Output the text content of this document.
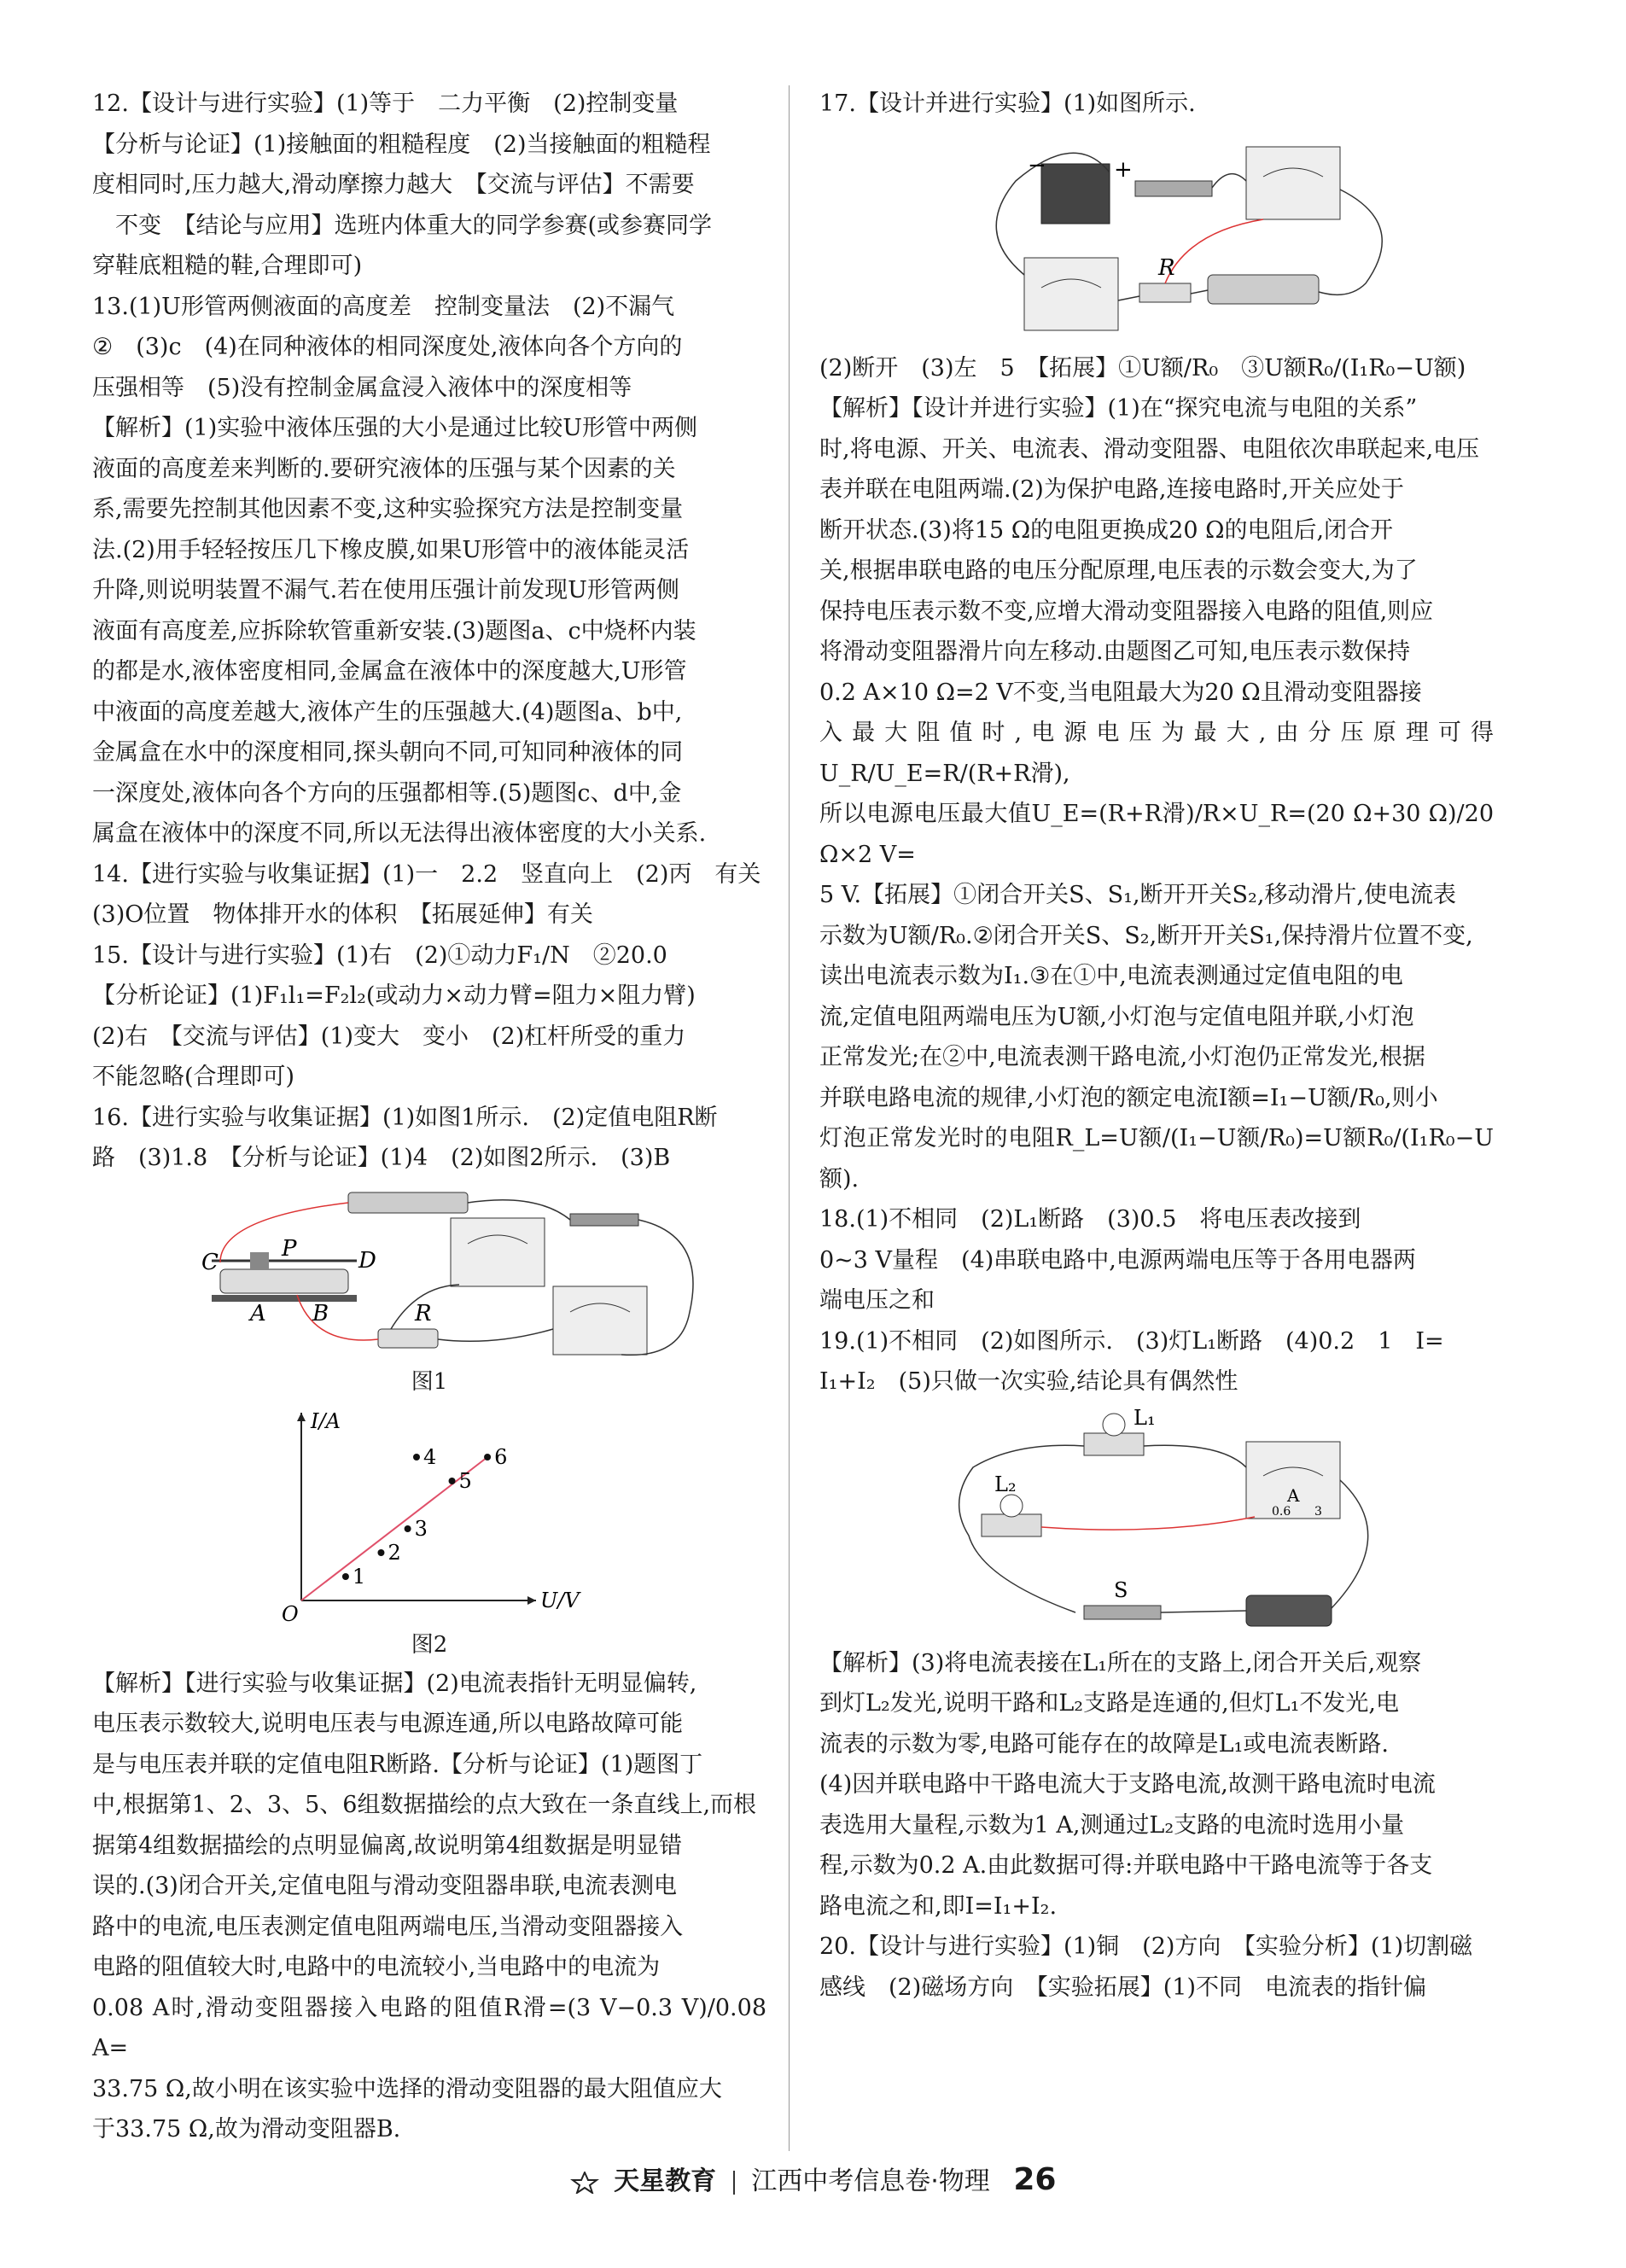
12.【设计与进行实验】(1)等于　二力平衡　(2)控制变量

【分析与论证】(1)接触面的粗糙程度　(2)当接触面的粗糙程

度相同时,压力越大,滑动摩擦力越大　【交流与评估】不需要

　不变　【结论与应用】选班内体重大的同学参赛(或参赛同学

穿鞋底粗糙的鞋,合理即可)

13.(1)U形管两侧液面的高度差　控制变量法　(2)不漏气

②　(3)c　(4)在同种液体的相同深度处,液体向各个方向的

压强相等　(5)没有控制金属盒浸入液体中的深度相等

【解析】(1)实验中液体压强的大小是通过比较U形管中两侧

液面的高度差来判断的.要研究液体的压强与某个因素的关

系,需要先控制其他因素不变,这种实验探究方法是控制变量

法.(2)用手轻轻按压几下橡皮膜,如果U形管中的液体能灵活

升降,则说明装置不漏气.若在使用压强计前发现U形管两侧

液面有高度差,应拆除软管重新安装.(3)题图a、c中烧杯内装

的都是水,液体密度相同,金属盒在液体中的深度越大,U形管

中液面的高度差越大,液体产生的压强越大.(4)题图a、b中,

金属盒在水中的深度相同,探头朝向不同,可知同种液体的同

一深度处,液体向各个方向的压强都相等.(5)题图c、d中,金

属盒在液体中的深度不同,所以无法得出液体密度的大小关系.

14.【进行实验与收集证据】(1)一　2.2　竖直向上　(2)丙　有关

(3)O位置　物体排开水的体积　【拓展延伸】有关

15.【设计与进行实验】(1)右　(2)①动力F₁/N　②20.0

【分析论证】(1)F₁l₁=F₂l₂(或动力×动力臂=阻力×阻力臂)

(2)右　【交流与评估】(1)变大　变小　(2)杠杆所受的重力

不能忽略(合理即可)

16.【进行实验与收集证据】(1)如图1所示.　(2)定值电阻R断

路　(3)1.8　【分析与论证】(1)4　(2)如图2所示.　(3)B

C
P	D
A B	R
图1
I/A
U/V
O
1
2
3
4
5
6
图2

【解析】【进行实验与收集证据】(2)电流表指针无明显偏转,

电压表示数较大,说明电压表与电源连通,所以电路故障可能

是与电压表并联的定值电阻R断路.【分析与论证】(1)题图丁

中,根据第1、2、3、5、6组数据描绘的点大致在一条直线上,而根

据第4组数据描绘的点明显偏离,故说明第4组数据是明显错

误的.(3)闭合开关,定值电阻与滑动变阻器串联,电流表测电

路中的电流,电压表测定值电阻两端电压,当滑动变阻器接入

电路的阻值较大时,电路中的电流较小,当电路中的电流为

0.08 A时,滑动变阻器接入电路的阻值R滑=(3 V−0.3 V)/0.08 A=

33.75 Ω,故小明在该实验中选择的滑动变阻器的最大阻值应大

于33.75 Ω,故为滑动变阻器B.

17.【设计并进行实验】(1)如图所示.

−	+
R

(2)断开　(3)左　5　【拓展】①U额/R₀　③U额R₀/(I₁R₀−U额)

【解析】【设计并进行实验】(1)在“探究电流与电阻的关系”

时,将电源、开关、电流表、滑动变阻器、电阻依次串联起来,电压

表并联在电阻两端.(2)为保护电路,连接电路时,开关应处于

断开状态.(3)将15 Ω的电阻更换成20 Ω的电阻后,闭合开

关,根据串联电路的电压分配原理,电压表的示数会变大,为了

保持电压表示数不变,应增大滑动变阻器接入电路的阻值,则应

将滑动变阻器滑片向左移动.由题图乙可知,电压表示数保持

0.2 A×10 Ω=2 V不变,当电阻最大为20 Ω且滑动变阻器接

入最大阻值时,电源电压为最大,由分压原理可得U_R/U_E=R/(R+R滑),

所以电源电压最大值U_E=(R+R滑)/R×U_R=(20 Ω+30 Ω)/20 Ω×2 V=

5 V.【拓展】①闭合开关S、S₁,断开开关S₂,移动滑片,使电流表

示数为U额/R₀.②闭合开关S、S₂,断开开关S₁,保持滑片位置不变,

读出电流表示数为I₁.③在①中,电流表测通过定值电阻的电

流,定值电阻两端电压为U额,小灯泡与定值电阻并联,小灯泡

正常发光;在②中,电流表测干路电流,小灯泡仍正常发光,根据

并联电路电流的规律,小灯泡的额定电流I额=I₁−U额/R₀,则小

灯泡正常发光时的电阻R_L=U额/(I₁−U额/R₀)=U额R₀/(I₁R₀−U额).

18.(1)不相同　(2)L₁断路　(3)0.5　将电压表改接到

0~3 V量程　(4)串联电路中,电源两端电压等于各用电器两

端电压之和

19.(1)不相同　(2)如图所示.　(3)灯L₁断路　(4)0.2　1　I=

I₁+I₂　(5)只做一次实验,结论具有偶然性

L₁
L₂
S
A
0.6 3

【解析】(3)将电流表接在L₁所在的支路上,闭合开关后,观察

到灯L₂发光,说明干路和L₂支路是连通的,但灯L₁不发光,电

流表的示数为零,电路可能存在的故障是L₁或电流表断路.

(4)因并联电路中干路电流大于支路电流,故测干路电流时电流

表选用大量程,示数为1 A,测通过L₂支路的电流时选用小量

程,示数为0.2 A.由此数据可得:并联电路中干路电流等于各支

路电流之和,即I=I₁+I₂.

20.【设计与进行实验】(1)铜　(2)方向　【实验分析】(1)切割磁

感线　(2)磁场方向　【实验拓展】(1)不同　电流表的指针偏

天星教育 江西中考信息卷·物理 26
